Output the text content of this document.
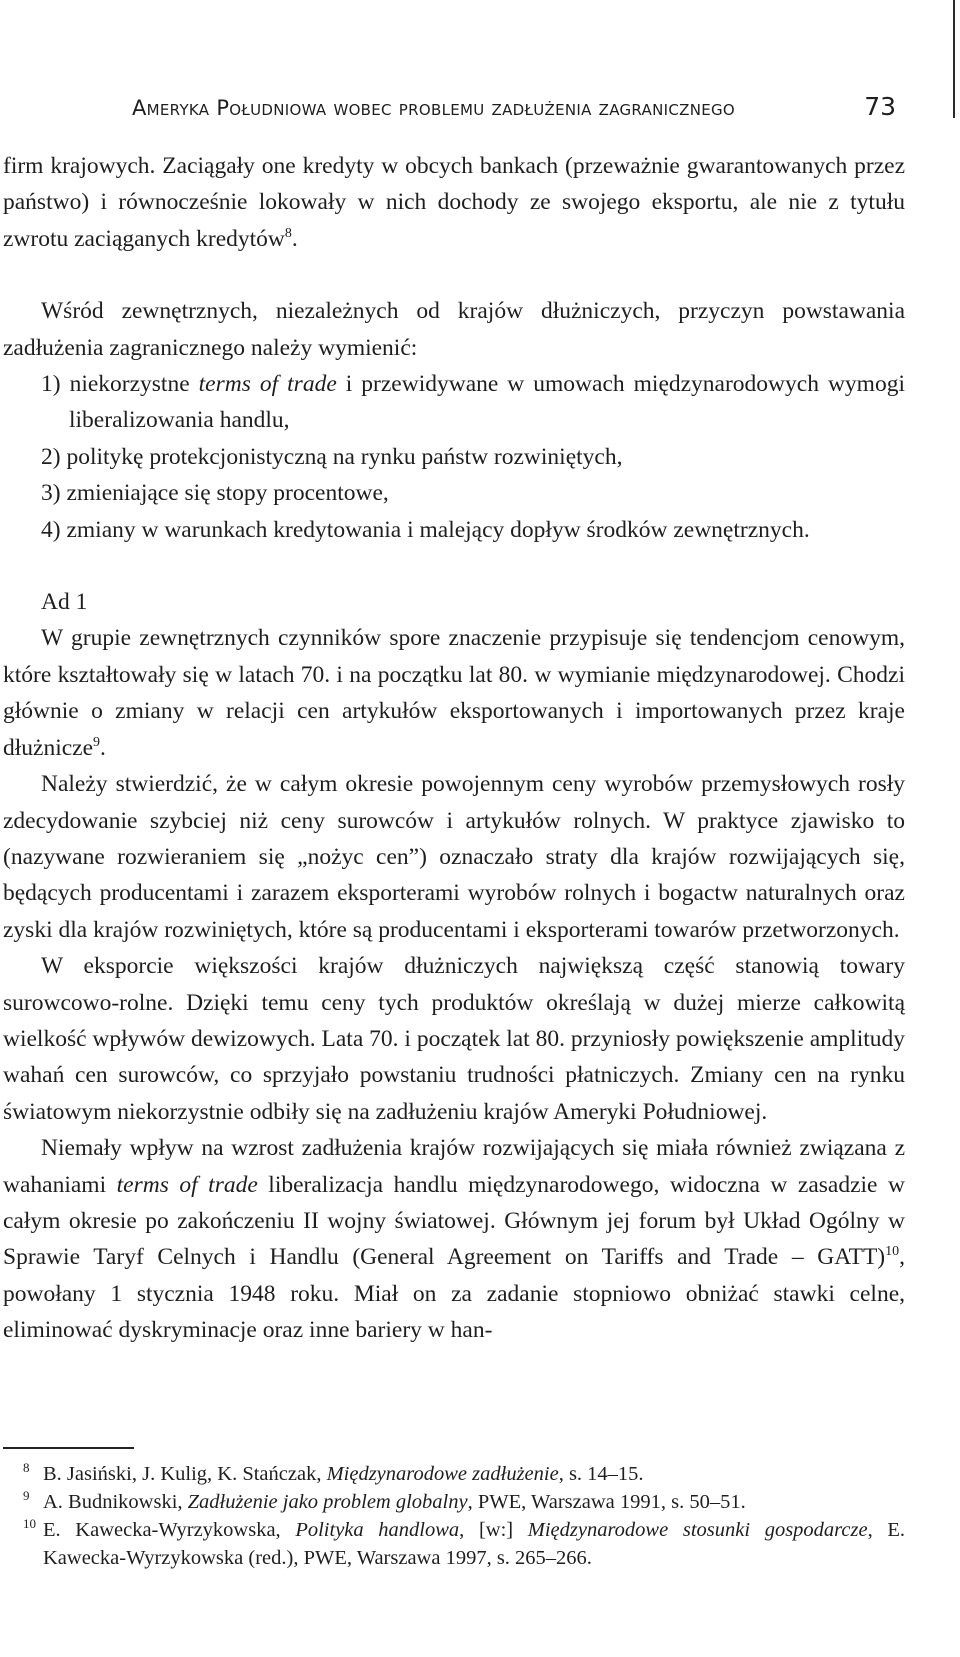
Ameryka Południowa wobec problemu zadłużenia zagranicznego	73

firm krajowych. Zaciągały one kredyty w obcych bankach (przeważnie gwarantowanych przez państwo) i równocześnie lokowały w nich dochody ze swojego eksportu, ale nie z tytułu zwrotu zaciąganych kredytów$^8$.

Wśród zewnętrznych, niezależnych od krajów dłużniczych, przyczyn powstawania zadłużenia zagranicznego należy wymienić:

1) niekorzystne terms of trade i przewidywane w umowach międzynarodowych wymogi liberalizowania handlu,
2) politykę protekcjonistyczną na rynku państw rozwiniętych,
3) zmieniające się stopy procentowe,
4) zmiany w warunkach kredytowania i malejący dopływ środków zewnętrznych.
Ad 1

W grupie zewnętrznych czynników spore znaczenie przypisuje się tendencjom cenowym, które kształtowały się w latach 70. i na początku lat 80. w wymianie międzynarodowej. Chodzi głównie o zmiany w relacji cen artykułów eksportowanych i importowanych przez kraje dłużnicze$^9$.

Należy stwierdzić, że w całym okresie powojennym ceny wyrobów przemysłowych rosły zdecydowanie szybciej niż ceny surowców i artykułów rolnych. W praktyce zjawisko to (nazywane rozwieraniem się „nożyc cen”) oznaczało straty dla krajów rozwijających się, będących producentami i zarazem eksporterami wyrobów rolnych i bogactw naturalnych oraz zyski dla krajów rozwiniętych, które są producentami i eksporterami towarów przetworzonych.

W eksporcie większości krajów dłużniczych największą część stanowią towary surowcowo-rolne. Dzięki temu ceny tych produktów określają w dużej mierze całkowitą wielkość wpływów dewizowych. Lata 70. i początek lat 80. przyniosły powiększenie amplitudy wahań cen surowców, co sprzyjało powstaniu trudności płatniczych. Zmiany cen na rynku światowym niekorzystnie odbiły się na zadłużeniu krajów Ameryki Południowej.

Niemały wpływ na wzrost zadłużenia krajów rozwijających się miała również związana z wahaniami terms of trade liberalizacja handlu międzynarodowego, widoczna w zasadzie w całym okresie po zakończeniu II wojny światowej. Głównym jej forum był Układ Ogólny w Sprawie Taryf Celnych i Handlu (General Agreement on Tariffs and Trade – GATT)$^{10}$, powołany 1 stycznia 1948 roku. Miał on za zadanie stopniowo obniżać stawki celne, eliminować dyskryminacje oraz inne bariery w han-

8 B. Jasiński, J. Kulig, K. Stańczak, Międzynarodowe zadłużenie, s. 14–15.
9 A. Budnikowski, Zadłużenie jako problem globalny, PWE, Warszawa 1991, s. 50–51.
10 E. Kawecka-Wyrzykowska, Polityka handlowa, [w:] Międzynarodowe stosunki gospodarcze, E. Kawecka-Wyrzykowska (red.), PWE, Warszawa 1997, s. 265–266.
